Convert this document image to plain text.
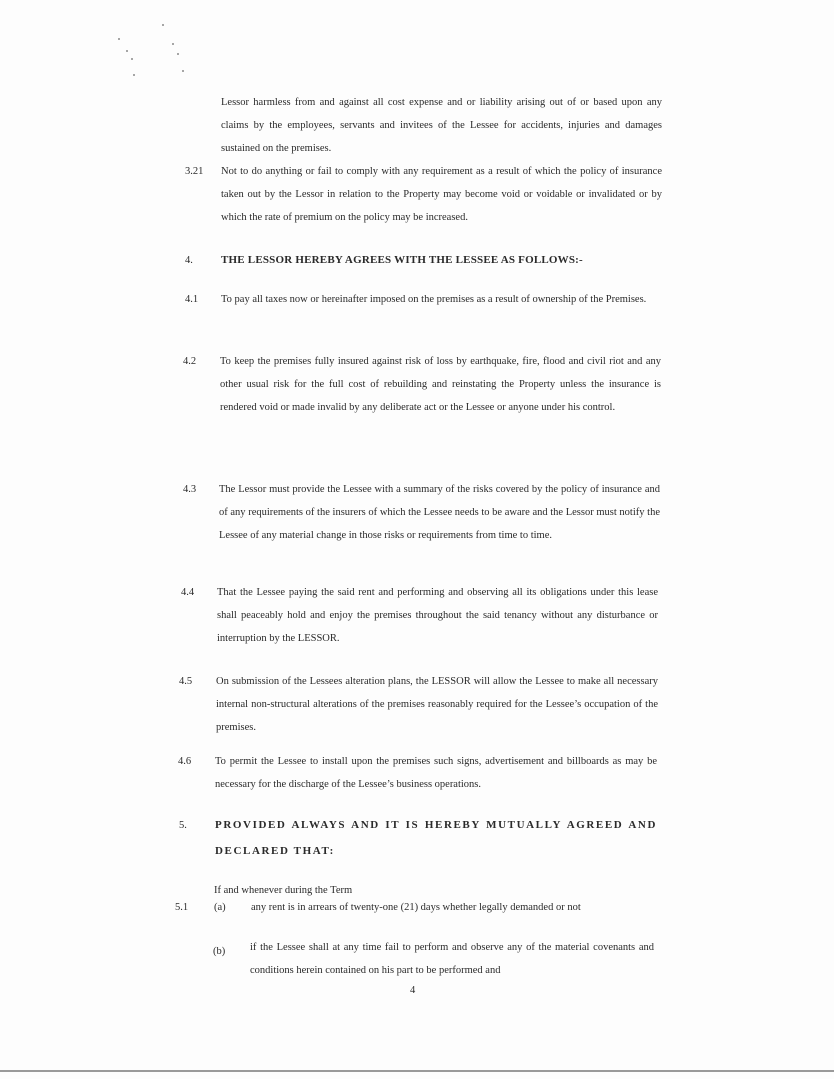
Lessor harmless from and against all cost expense and or liability arising out of or based upon any claims by the employees, servants and invitees of the Lessee for accidents, injuries and damages sustained on the premises.
3.21 Not to do anything or fail to comply with any requirement as a result of which the policy of insurance taken out by the Lessor in relation to the Property may become void or voidable or invalidated or by which the rate of premium on the policy may be increased.
4.	THE LESSOR HEREBY AGREES WITH THE LESSEE AS FOLLOWS:-
4.1 To pay all taxes now or hereinafter imposed on the premises as a result of ownership of the Premises.
4.2 To keep the premises fully insured against risk of loss by earthquake, fire, flood and civil riot and any other usual risk for the full cost of rebuilding and reinstating the Property unless the insurance is rendered void or made invalid by any deliberate act or the Lessee or anyone under his control.
4.3 The Lessor must provide the Lessee with a summary of the risks covered by the policy of insurance and of any requirements of the insurers of which the Lessee needs to be aware and the Lessor must notify the Lessee of any material change in those risks or requirements from time to time.
4.4 That the Lessee paying the said rent and performing and observing all its obligations under this lease shall peaceably hold and enjoy the premises throughout the said tenancy without any disturbance or interruption by the LESSOR.
4.5 On submission of the Lessees alteration plans, the LESSOR will allow the Lessee to make all necessary internal non-structural alterations of the premises reasonably required for the Lessee’s occupation of the premises.
4.6 To permit the Lessee to install upon the premises such signs, advertisement and billboards as may be necessary for the discharge of the Lessee’s business operations.
5.	PROVIDED ALWAYS AND IT IS HEREBY MUTUALLY AGREED AND DECLARED THAT:
If and whenever during the Term
5.1 (a) any rent is in arrears of twenty-one (21) days whether legally demanded or not
(b) if the Lessee shall at any time fail to perform and observe any of the material covenants and conditions herein contained on his part to be performed and
4
